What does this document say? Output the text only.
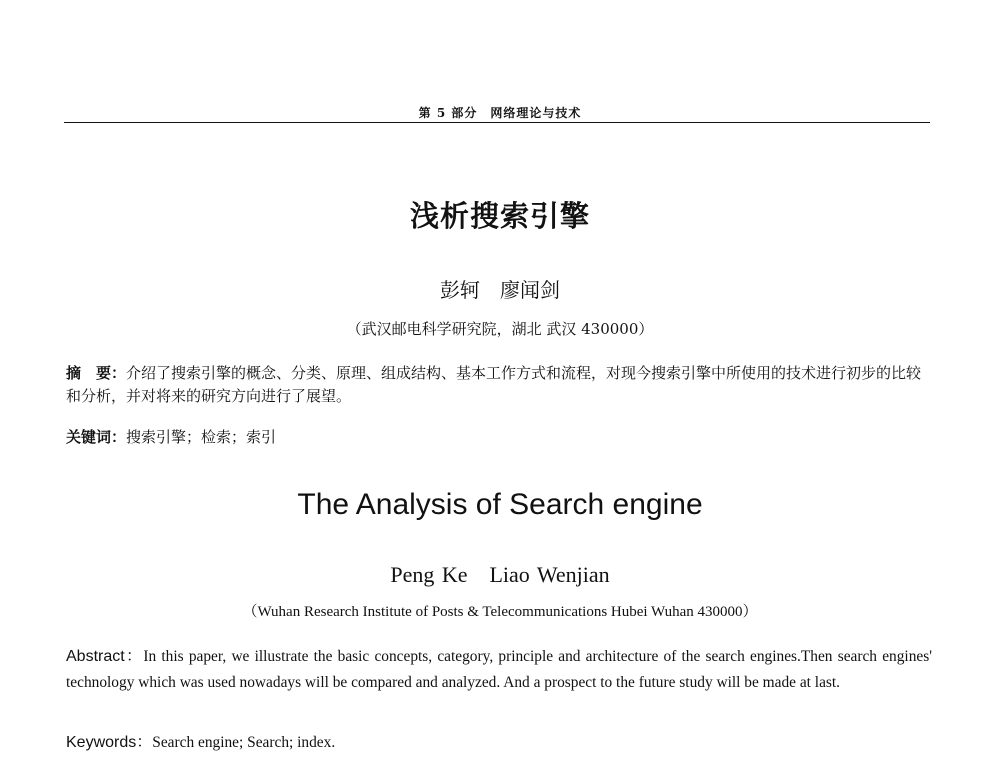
第 5 部分　网络理论与技术
浅析搜索引擎
彭轲　廖闻剑
（武汉邮电科学研究院，湖北 武汉 430000）
摘　要：介绍了搜索引擎的概念、分类、原理、组成结构、基本工作方式和流程，对现今搜索引擎中所使用的技术进行初步的比较和分析，并对将来的研究方向进行了展望。
关键词：搜索引擎；检索；索引
The Analysis of Search engine
Peng Ke　Liao Wenjian
（Wuhan Research Institute of Posts & Telecommunications Hubei Wuhan 430000）
Abstract：In this paper, we illustrate the basic concepts, category, principle and architecture of the search engines.Then search engines' technology which was used nowadays will be compared and analyzed. And a prospect to the future study will be made at last.
Keywords：Search engine; Search; index.
